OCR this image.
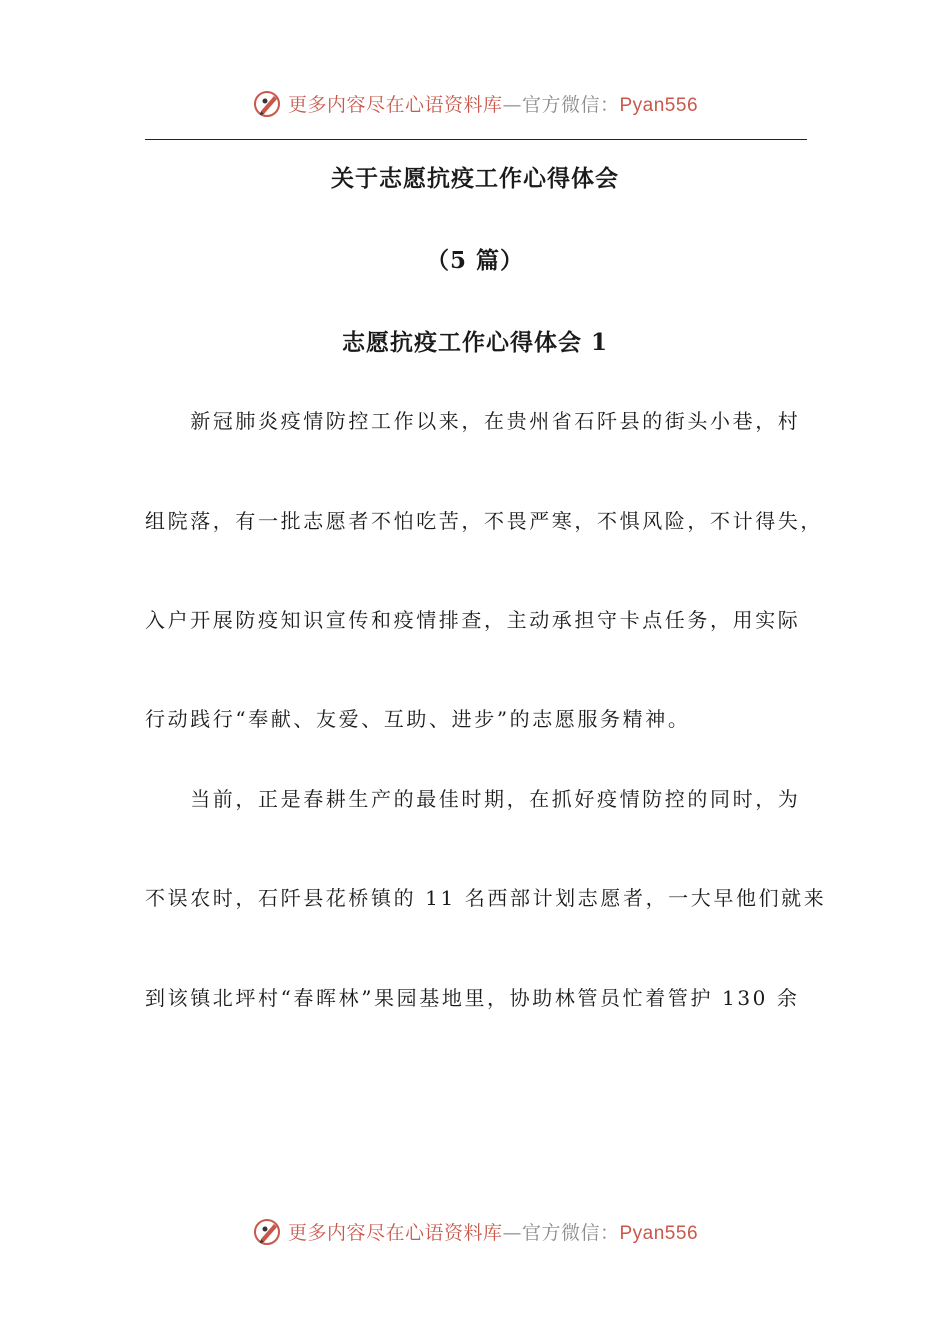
更多内容尽在心语资料库—官方微信：Pyan556
关于志愿抗疫工作心得体会
（5 篇）
志愿抗疫工作心得体会 1
　　新冠肺炎疫情防控工作以来，在贵州省石阡县的街头小巷，村
组院落，有一批志愿者不怕吃苦，不畏严寒，不惧风险，不计得失，
入户开展防疫知识宣传和疫情排查，主动承担守卡点任务，用实际
行动践行“奉献、友爱、互助、进步”的志愿服务精神。
　　当前，正是春耕生产的最佳时期，在抓好疫情防控的同时，为
不误农时，石阡县花桥镇的 11 名西部计划志愿者，一大早他们就来
到该镇北坪村“春晖林”果园基地里，协助林管员忙着管护 130 余
更多内容尽在心语资料库—官方微信：Pyan556
